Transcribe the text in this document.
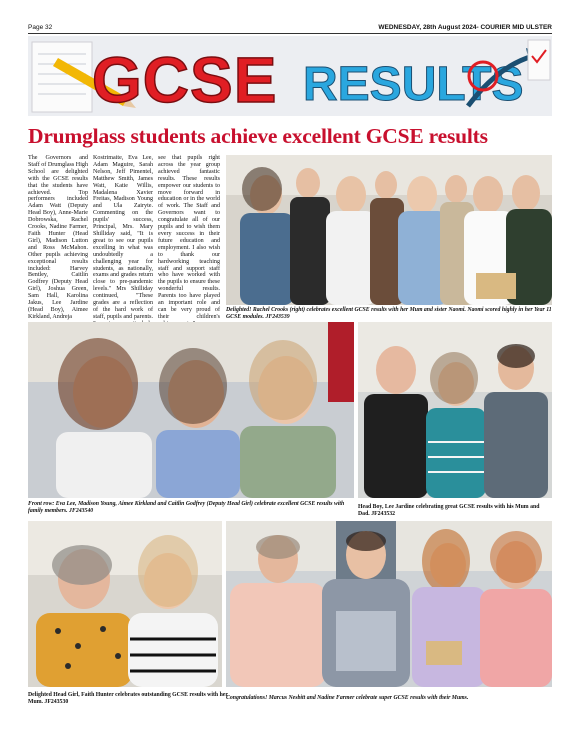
Page 32	WEDNESDAY, 28th August 2024- COURIER MID ULSTER
GCSE RESULTS
Drumglass students achieve excellent GCSE results
The Governors and Staff of Drumglass High School are delighted with the GCSE results that the students have achieved. Top performers included Adam Watt (Deputy Head Boy), Anne-Marie Dobrowska, Rachel Crooks, Nadine Farmer, Faith Hunter (Head Girl), Madison Lutton and Ross McMahon. Other pupils achieving exceptional results included: Harvey Bentley, Caitlin Godfrey (Deputy Head Girl), Joshua Green, Sam Hall, Karolina Jakus, Lee Jardine (Head Boy), Aimee Kirkland, Andreja
Kostrimaite, Eva Lee, Adam Maguire, Sarah Nelson, Jeff Pimentel, Matthew Smith, James Watt, Katie Willis, Madalena Xavier Freitas, Madison Young and Ula Zairyte. Commenting on the pupils' success, Principal, Mrs. Mary Shilliday said, "It is great to see our pupils excelling in what was undoubtedly a challenging year for students, as nationally, exams and grades return close to pre-pandemic levels." Mrs Shilliday continued, "These grades are a reflection of the hard work of staff, pupils and parents.
see that pupils right across the year group achieved fantastic results. These results empower our students to move forward in education or in the world of work. The Staff and Governors want to congratulate all of our pupils and to wish them every success in their future education and employment. I also wish to thank our hardworking teaching staff and support staff who have worked with the pupils to ensure these wonderful results. Parents too have played an important role and can be very proud of their children's
Delighted! Rachel Crooks (right) celebrates excellent GCSE results with her Mum and sister Naomi. Naomi scored highly in her Year 11 GCSE modules. JF243539
Front row: Eva Lee, Madison Young, Aimee Kirkland and Caitlin Godfrey (Deputy Head Girl) celebrate excellent GCSE results with family members. JF243540
Head Boy, Lee Jardine celebrating great GCSE results with his Mum and Dad. JF243532
Delighted Head Girl, Faith Hunter celebrates outstanding GCSE results with her Mum. JF243530
Congratulations! Marcus Nesbitt and Nadine Farmer celebrate super GCSE results with their Mums.
